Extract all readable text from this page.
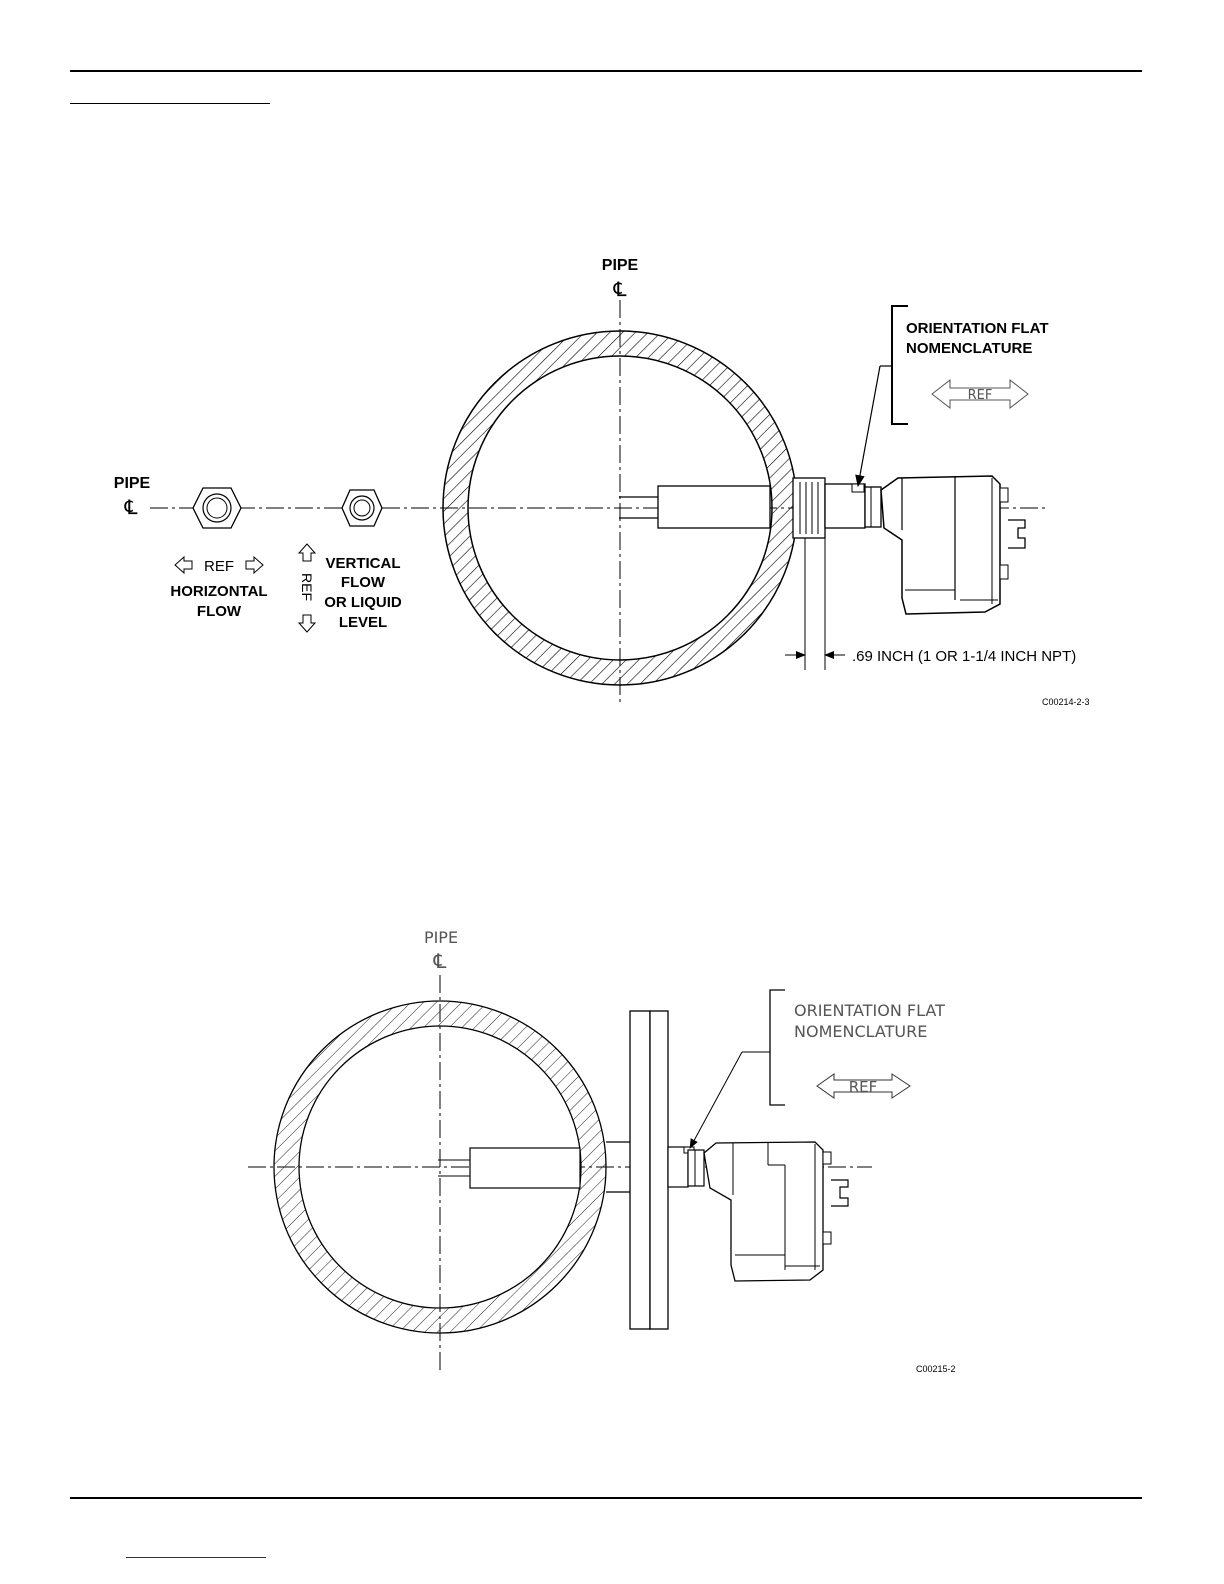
PIPE
℄
ORIENTATION FLAT
NOMENCLATURE
REF
C00215-2
